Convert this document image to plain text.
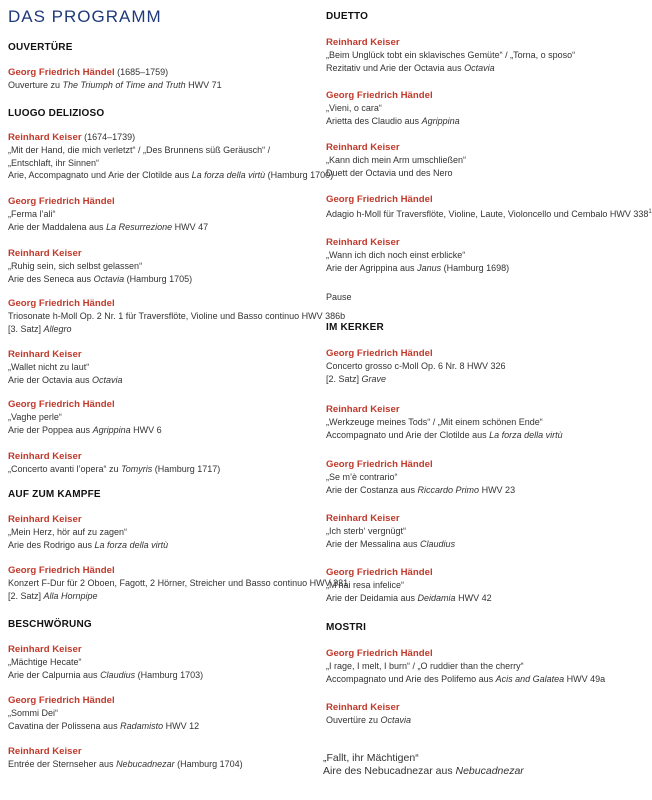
DAS PROGRAMM
OUVERTÜRE
Georg Friedrich Händel (1685–1759)
Ouverture zu The Triumph of Time and Truth HWV 71
LUOGO DELIZIOSO
Reinhard Keiser (1674–1739)
„Mit der Hand, die mich verletzt“ / „Des Brunnens süß Geräusch“ /
„Entschlaft, ihr Sinnen“
Arie, Accompagnato und Arie der Clotilde aus La forza della virtù (Hamburg 1700)
Georg Friedrich Händel
„Ferma l’ali“
Arie der Maddalena aus La Resurrezione HWV 47
Reinhard Keiser
„Ruhig sein, sich selbst gelassen“
Arie des Seneca aus Octavia (Hamburg 1705)
Georg Friedrich Händel
Triosonate h-Moll Op. 2 Nr. 1 für Traversflöte, Violine und Basso continuo HWV 386b
[3. Satz] Allegro
Reinhard Keiser
„Wallet nicht zu laut“
Arie der Octavia aus Octavia
Georg Friedrich Händel
„Vaghe perle“
Arie der Poppea aus Agrippina HWV 6
Reinhard Keiser
„Concerto avanti l’opera“ zu Tomyris (Hamburg 1717)
AUF ZUM KAMPFE
Reinhard Keiser
„Mein Herz, hör auf zu zagen“
Arie des Rodrigo aus La forza della virtù
Georg Friedrich Händel
Konzert F-Dur für 2 Oboen, Fagott, 2 Hörner, Streicher und Basso continuo HWV 331
[2. Satz] Alla Hornpipe
BESCHWÖRUNG
Reinhard Keiser
„Mächtige Hecate“
Arie der Calpurnia aus Claudius (Hamburg 1703)
Georg Friedrich Händel
„Sommi Dei“
Cavatina der Polissena aus Radamisto HWV 12
Reinhard Keiser
Entrée der Sternseher aus Nebucadnezar (Hamburg 1704)
DUETTO
Reinhard Keiser
„Beim Unglück tobt ein sklavisches Gemüte“ / „Torna, o sposo“
Rezitativ und Arie der Octavia aus Octavia
Georg Friedrich Händel
„Vieni, o cara“
Arietta des Claudio aus Agrippina
Reinhard Keiser
„Kann dich mein Arm umschließen“
Duett der Octavia und des Nero
Georg Friedrich Händel
Adagio h-Moll für Traversflöte, Violine, Laute, Violoncello und Cembalo HWV $338^1$
Reinhard Keiser
„Wann ich dich noch einst erblicke“
Arie der Agrippina aus Janus (Hamburg 1698)
Pause
IM KERKER
Georg Friedrich Händel
Concerto grosso c-Moll Op. 6 Nr. 8 HWV 326
[2. Satz] Grave
Reinhard Keiser
„Werkzeuge meines Tods“ / „Mit einem schönen Ende“
Accompagnato und Arie der Clotilde aus La forza della virtù
Georg Friedrich Händel
„Se m’è contrario“
Arie der Costanza aus Riccardo Primo HWV 23
Reinhard Keiser
„Ich sterb‘ vergnügt“
Arie der Messalina aus Claudius
Georg Friedrich Händel
„M’hai resa infelice“
Arie der Deidamia aus Deidamia HWV 42
MOSTRI
Georg Friedrich Händel
„I rage, I melt, I burn“ / „O ruddier than the cherry“
Accompagnato und Arie des Polifemo aus Acis and Galatea HWV 49a
Reinhard Keiser
Ouvertüre zu Octavia
„Fallt, ihr Mächtigen“
Aire des Nebucadnezar aus Nebucadnezar
